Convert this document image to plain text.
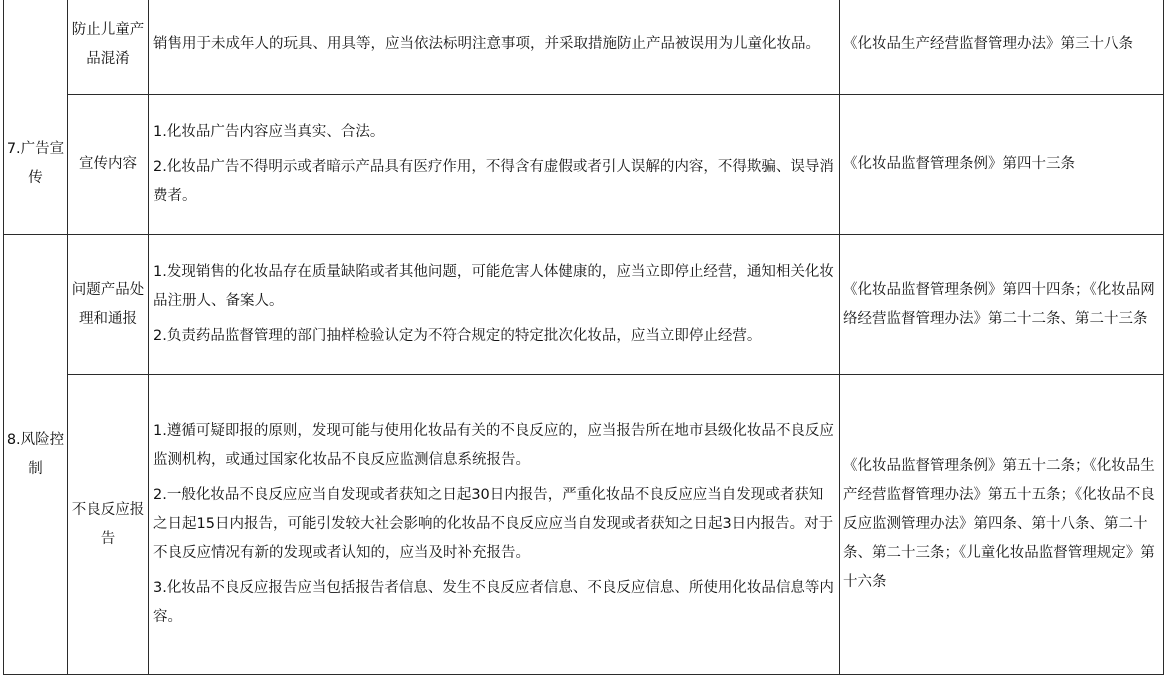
	防止儿童产品混淆	销售用于未成年人的玩具、用具等，应当依法标明注意事项，并采取措施防止产品被误用为儿童化妆品。	《化妆品生产经营监督管理办法》第三十八条
7.广告宣传	宣传内容	1.化妆品广告内容应当真实、合法。

2.化妆品广告不得明示或者暗示产品具有医疗作用，不得含有虚假或者引人误解的内容，不得欺骗、误导消费者。	《化妆品监督管理条例》第四十三条
8.风险控制	问题产品处理和通报	1.发现销售的化妆品存在质量缺陷或者其他问题，可能危害人体健康的，应当立即停止经营，通知相关化妆品注册人、备案人。

2.负责药品监督管理的部门抽样检验认定为不符合规定的特定批次化妆品，应当立即停止经营。	《化妆品监督管理条例》第四十四条；《化妆品网络经营监督管理办法》第二十二条、第二十三条
	不良反应报告	1.遵循可疑即报的原则，发现可能与使用化妆品有关的不良反应的，应当报告所在地市县级化妆品不良反应监测机构，或通过国家化妆品不良反应监测信息系统报告。

2.一般化妆品不良反应应当自发现或者获知之日起30日内报告，严重化妆品不良反应应当自发现或者获知之日起15日内报告，可能引发较大社会影响的化妆品不良反应应当自发现或者获知之日起3日内报告。对于不良反应情况有新的发现或者认知的，应当及时补充报告。

3.化妆品不良反应报告应当包括报告者信息、发生不良反应者信息、不良反应信息、所使用化妆品信息等内容。	《化妆品监督管理条例》第五十二条；《化妆品生产经营监督管理办法》第五十五条；《化妆品不良反应监测管理办法》第四条、第十八条、第二十条、第二十三条；《儿童化妆品监督管理规定》第十六条
